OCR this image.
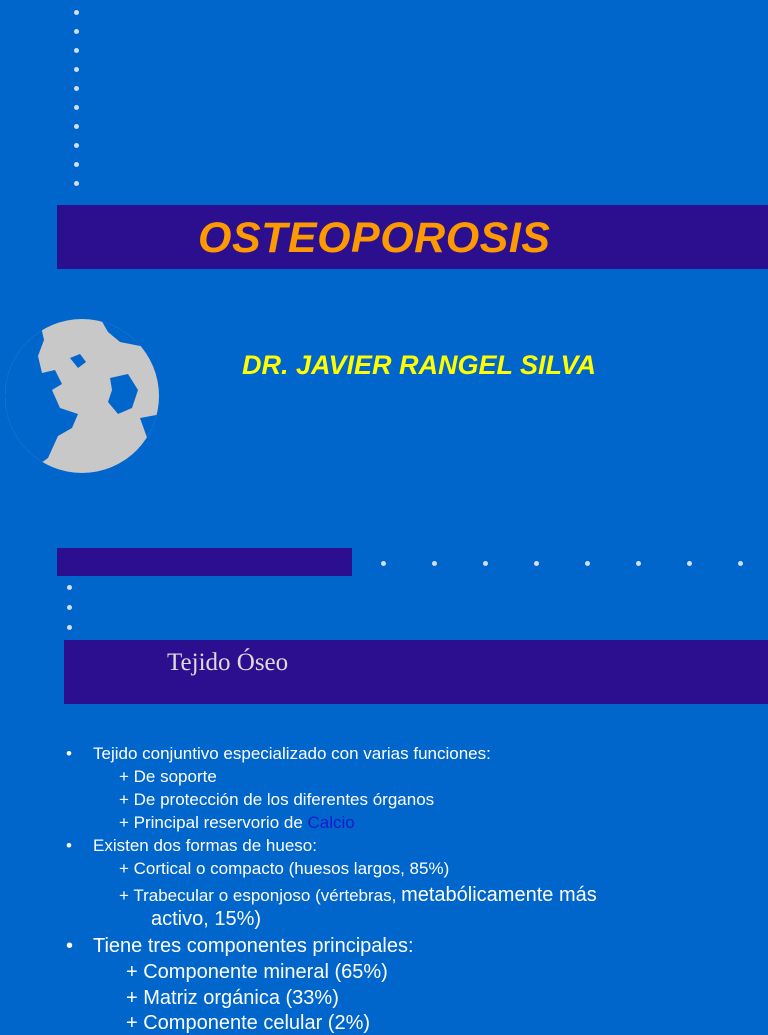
OSTEOPOROSIS
DR. JAVIER RANGEL SILVA
Tejido Óseo
• Tejido conjuntivo especializado con varias funciones:
+ De soporte
+ De protección de los diferentes órganos
+ Principal reservorio de Calcio
• Existen dos formas de hueso:
+ Cortical o compacto (huesos largos, 85%)
+ Trabecular o esponjoso (vértebras, metabólicamente más
activo, 15%)
• Tiene tres componentes principales:
+ Componente mineral (65%)
+ Matriz orgánica (33%)
+ Componente celular (2%)
